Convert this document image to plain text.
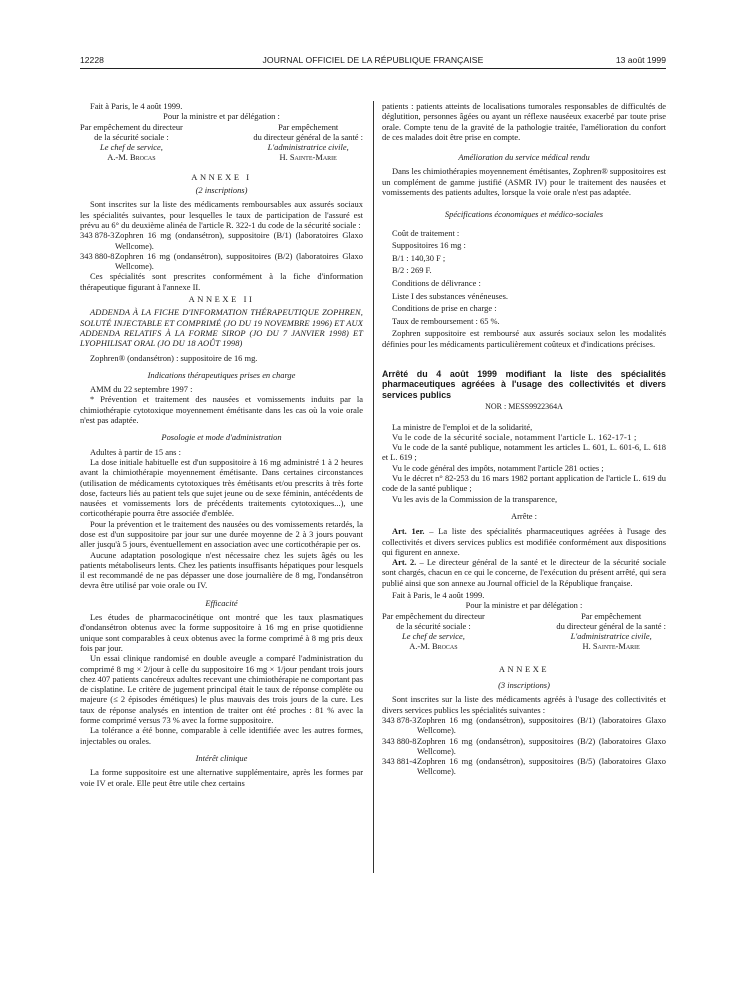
12228	JOURNAL OFFICIEL DE LA RÉPUBLIQUE FRANÇAISE	13 août 1999

Fait à Paris, le 4 août 1999.

Pour la ministre et par délégation :

Par empêchement du directeur
de la sécurité sociale :
Le chef de service,
A.-M. Brocas
Par empêchement
du directeur général de la santé :
L'administratrice civile,
H. Sainte-Marie

ANNEXE I

(2 inscriptions)

Sont inscrites sur la liste des médicaments remboursables aux assurés sociaux les spécialités suivantes, pour lesquelles le taux de participation de l'assuré est prévu au 6° du deuxième alinéa de l'article R. 322-1 du code de la sécurité sociale :

343 878-3 Zophren 16 mg (ondansétron), suppositoire (B/1) (laboratoires Glaxo Wellcome).
343 880-8 Zophren 16 mg (ondansétron), suppositoires (B/2) (laboratoires Glaxo Wellcome).

Ces spécialités sont prescrites conformément à la fiche d'information thérapeutique figurant à l'annexe II.

ANNEXE II

ADDENDA À LA FICHE D'INFORMATION THÉRAPEUTIQUE ZOPHREN, SOLUTÉ INJECTABLE ET COMPRIMÉ (JO DU 19 NOVEMBRE 1996) ET AUX ADDENDA RELATIFS À LA FORME SIROP (JO DU 7 JANVIER 1998) ET LYOPHILISAT ORAL (JO DU 18 AOÛT 1998)

Zophren® (ondansétron) : suppositoire de 16 mg.

Indications thérapeutiques prises en charge

AMM du 22 septembre 1997 :

* Prévention et traitement des nausées et vomissements induits par la chimiothérapie cytotoxique moyennement émétisante dans les cas où la voie orale n'est pas adaptée.

Posologie et mode d'administration

Adultes à partir de 15 ans :

La dose initiale habituelle est d'un suppositoire à 16 mg administré 1 à 2 heures avant la chimiothérapie moyennement émétisante. Dans certaines circonstances (utilisation de médicaments cytotoxiques très émétisants et/ou prescrits à très forte dose, facteurs liés au patient tels que sujet jeune ou de sexe féminin, antécédents de nausées et vomissements lors de précédents traitements cytotoxiques...), une corticothérapie pourra être associée d'emblée.

Pour la prévention et le traitement des nausées ou des vomissements retardés, la dose est d'un suppositoire par jour sur une durée moyenne de 2 à 3 jours pouvant aller jusqu'à 5 jours, éventuellement en association avec une corticothérapie per os.

Aucune adaptation posologique n'est nécessaire chez les sujets âgés ou les patients métaboliseurs lents. Chez les patients insuffisants hépatiques pour lesquels il est recommandé de ne pas dépasser une dose journalière de 8 mg, l'ondansétron devra être utilisé par voie orale ou IV.

Efficacité

Les études de pharmacocinétique ont montré que les taux plasmatiques d'ondansétron obtenus avec la forme suppositoire à 16 mg en prise quotidienne unique sont comparables à ceux obtenus avec la forme comprimé à 8 mg pris deux fois par jour.

Un essai clinique randomisé en double aveugle a comparé l'administration du comprimé 8 mg × 2/jour à celle du suppositoire 16 mg × 1/jour pendant trois jours chez 407 patients cancéreux adultes recevant une chimiothérapie ne comportant pas de cisplatine. Le critère de jugement principal était le taux de réponse complète ou majeure (≤ 2 épisodes émétiques) le plus mauvais des trois jours de la cure. Les taux de réponse analysés en intention de traiter ont été proches : 81 % avec la forme comprimé versus 73 % avec la forme suppositoire.

La tolérance a été bonne, comparable à celle identifiée avec les autres formes, injectables ou orales.

Intérêt clinique

La forme suppositoire est une alternative supplémentaire, après les formes par voie IV et orale. Elle peut être utile chez certains

patients : patients atteints de localisations tumorales responsables de difficultés de déglutition, personnes âgées ou ayant un réflexe nauséeux exacerbé par toute prise orale. Compte tenu de la gravité de la pathologie traitée, l'amélioration du confort de ces malades doit être prise en compte.

Amélioration du service médical rendu

Dans les chimiothérapies moyennement émétisantes, Zophren® suppositoires est un complément de gamme justifié (ASMR IV) pour le traitement des nausées et vomissements des patients adultes, lorsque la voie orale n'est pas adaptée.

Spécifications économiques et médico-sociales

Coût de traitement :

Suppositoires 16 mg :

B/1 : 140,30 F ;

B/2 : 269 F.

Conditions de délivrance :

Liste I des substances vénéneuses.

Conditions de prise en charge :

Taux de remboursement : 65 %.

Zophren suppositoire est remboursé aux assurés sociaux selon les modalités définies pour les médicaments particulièrement coûteux et d'indications précises.

Arrêté du 4 août 1999 modifiant la liste des spécialités pharmaceutiques agréées à l'usage des collectivités et divers services publics

NOR : MESS9922364A

La ministre de l'emploi et de la solidarité,

Vu le code de la sécurité sociale, notamment l'article L. 162-17-1 ;

Vu le code de la santé publique, notamment les articles L. 601, L. 601-6, L. 618 et L. 619 ;

Vu le code général des impôts, notamment l'article 281 octies ;

Vu le décret n° 82-253 du 16 mars 1982 portant application de l'article L. 619 du code de la santé publique ;

Vu les avis de la Commission de la transparence,

Arrête :

Art. 1er. – La liste des spécialités pharmaceutiques agréées à l'usage des collectivités et divers services publics est modifiée conformément aux dispositions qui figurent en annexe.

Art. 2. – Le directeur général de la santé et le directeur de la sécurité sociale sont chargés, chacun en ce qui le concerne, de l'exécution du présent arrêté, qui sera publié ainsi que son annexe au Journal officiel de la République française.

Fait à Paris, le 4 août 1999.

Pour la ministre et par délégation :

Par empêchement du directeur
de la sécurité sociale :
Le chef de service,
A.-M. Brocas
Par empêchement
du directeur général de la santé :
L'administratrice civile,
H. Sainte-Marie

ANNEXE

(3 inscriptions)

Sont inscrites sur la liste des médicaments agréés à l'usage des collectivités et divers services publics les spécialités suivantes :

343 878-3 Zophren 16 mg (ondansétron), suppositoires (B/1) (laboratoires Glaxo Wellcome).
343 880-8 Zophren 16 mg (ondansétron), suppositoires (B/2) (laboratoires Glaxo Wellcome).
343 881-4 Zophren 16 mg (ondansétron), suppositoires (B/5) (laboratoires Glaxo Wellcome).
